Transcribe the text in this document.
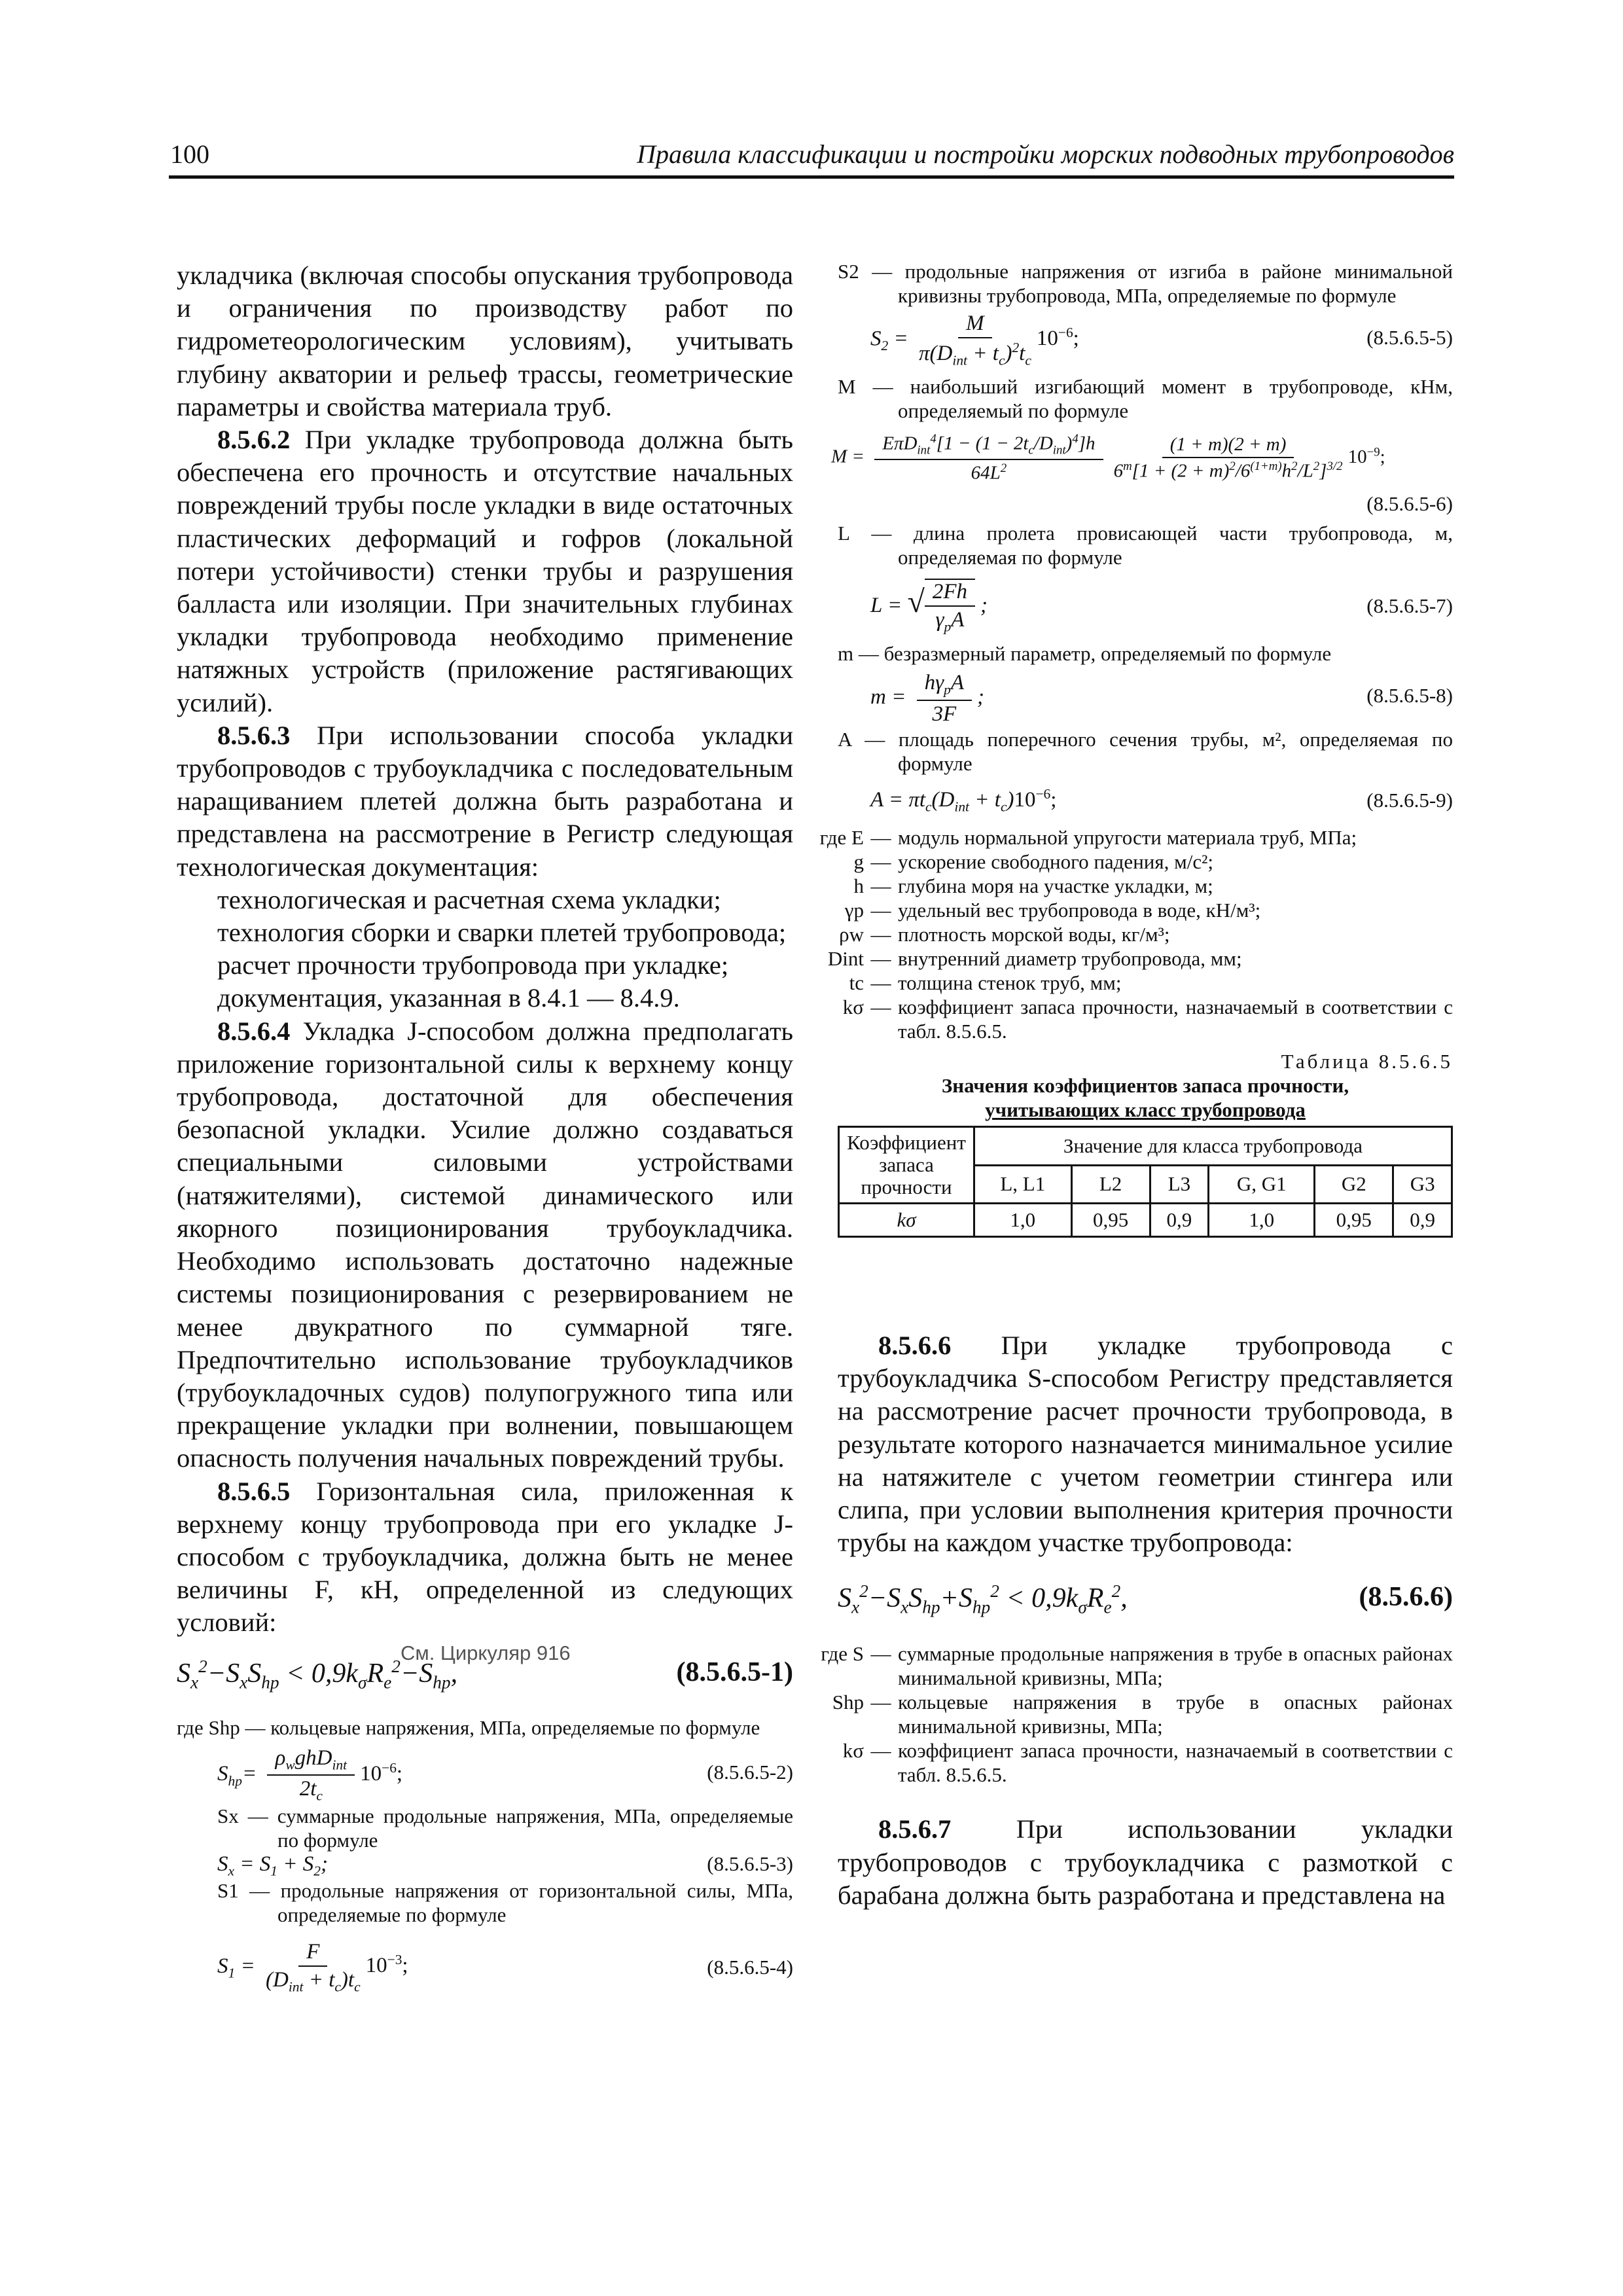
100	Правила классификации и постройки морских подводных трубопроводов

укладчика (включая способы опускания трубопровода и ограничения по производству работ по гидрометеорологическим условиям), учитывать глубину акватории и рельеф трассы, геометрические параметры и свойства материала труб.

8.5.6.2 При укладке трубопровода должна быть обеспечена его прочность и отсутствие начальных повреждений трубы после укладки в виде остаточных пластических деформаций и гофров (локальной потери устойчивости) стенки трубы и разрушения балласта или изоляции. При значительных глубинах укладки трубопровода необходимо применение натяжных устройств (приложение растягивающих усилий).

8.5.6.3 При использовании способа укладки трубопроводов с трубоукладчика с последовательным наращиванием плетей должна быть разработана и представлена на рассмотрение в Регистр следующая технологическая документация:

технологическая и расчетная схема укладки;

технология сборки и сварки плетей трубопровода;

расчет прочности трубопровода при укладке;

документация, указанная в 8.4.1 — 8.4.9.

8.5.6.4 Укладка J-способом должна предполагать приложение горизонтальной силы к верхнему концу трубопровода, достаточной для обеспечения безопасной укладки. Усилие должно создаваться специальными силовыми устройствами (натяжителями), системой динамического или якорного позиционирования трубоукладчика. Необходимо использовать достаточно надежные системы позиционирования с резервированием не менее двукратного по суммарной тяге. Предпочтительно использование трубоукладчиков (трубоукладочных судов) полупогружного типа или прекращение укладки при волнении, повышающем опасность получения начальных повреждений трубы.

8.5.6.5 Горизонтальная сила, приложенная к верхнему концу трубопровода при его укладке J-способом с трубоукладчика, должна быть не менее величины F, кН, определенной из следующих условий:

$S_x^2-S_xS_{hp} < 0,9k_\sigma R_e^2-S_{hp}$,	(8.5.6.5-1)
где Shp — кольцевые напряжения, МПа, определяемые по формуле
$S_{hp}= \frac{\rho_wghD_{int}}{2t_c} 10^{-6}$;	(8.5.6.5-2)
Sx — суммарные продольные напряжения, МПа, определяемые по формуле
$S_x = S_1 + S_2$;	(8.5.6.5-3)
S1 — продольные напряжения от горизонтальной силы, МПа, определяемые по формуле
$S_1 = \frac{F}{(D_{int} + t_c)t_c} 10^{-3}$;	(8.5.6.5-4)
См. Циркуляр 916
S2 — продольные напряжения от изгиба в районе минимальной кривизны трубопровода, МПа, определяемые по формуле
$S_2 = \frac{M}{\pi(D_{int} + t_c)^2t_c} 10^{-6}$;	(8.5.6.5-5)
M — наибольший изгибающий момент в трубопроводе, кНм, определяемый по формуле
$M = \frac{E\pi D_{int}^4[1 - (1 - 2t_c/D_{int})^4]h}{64L^2} \frac{(1 + m)(2 + m)}{6^m[1 + (2 + m)^2/6^{(1+m)}h^2/L^2]^{3/2}} 10^{-9}$;
(8.5.6.5-6)
L — длина пролета провисающей части трубопровода, м, определяемая по формуле
L = √ $\frac{2Fh}{\gamma_pA}$ ;	(8.5.6.5-7)
m — безразмерный параметр, определяемый по формуле
$m = \frac{h\gamma_pA}{3F}$ ;	(8.5.6.5-8)
A — площадь поперечного сечения трубы, м², определяемая по формуле
$A = \pi t_c(D_{int} + t_c)10^{-6}$;	(8.5.6.5-9)
где E — модуль нормальной упругости материала труб, МПа;
g — ускорение свободного падения, м/с²;
h — глубина моря на участке укладки, м;
γp — удельный вес трубопровода в воде, кН/м³;
ρw — плотность морской воды, кг/м³;
Dint — внутренний диаметр трубопровода, мм;
tc — толщина стенок труб, мм;
kσ — коэффициент запаса прочности, назначаемый в соответствии с табл. 8.5.6.5.
Таблица 8.5.6.5
Значения коэффициентов запаса прочности,
учитывающих класс трубопровода
Коэффициент запаса прочности	Значение для класса трубопровода					
	L, L1	L2	L3	G, G1	G2	G3
kσ	1,0	0,95	0,9	1,0	0,95	0,9

8.5.6.6 При укладке трубопровода с трубоукладчика S-способом Регистру представляется на рассмотрение расчет прочности трубопровода, в результате которого назначается минимальное усилие на натяжителе с учетом геометрии стингера или слипа, при условии выполнения критерия прочности трубы на каждом участке трубопровода:

$S_x^2-S_xS_{hp}+S_{hp}^2 < 0,9k_\sigma R_e^2$,	(8.5.6.6)
где S — суммарные продольные напряжения в трубе в опасных районах минимальной кривизны, МПа;
Shp — кольцевые напряжения в трубе в опасных районах минимальной кривизны, МПа;
kσ — коэффициент запаса прочности, назначаемый в соответствии с табл. 8.5.6.5.

8.5.6.7 При использовании укладки трубопроводов с трубоукладчика с размоткой с барабана должна быть разработана и представлена на
